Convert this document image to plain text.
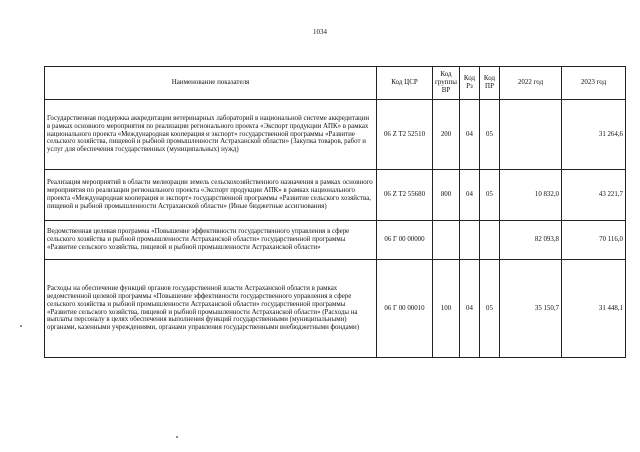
1034
Наименование показателя	Код ЦСР	Код группы ВР	Код Рз	Код ПР	2022 год	2023 год
Государственная поддержка аккредитации ветеринарных лабораторий в национальной системе аккредитации в рамках основного мероприятия по реализации регионального проекта «Экспорт продукции АПК» в рамках национального проекта «Международная кооперация и экспорт» государственной программы «Развитие сельского хозяйства, пищевой и рыбной промышленности Астраханской области» (Закупка товаров, работ и услуг для обеспечения государственных (муниципальных) нужд)	06 Z T2 52510	200	04	05		31 264,6
Реализация мероприятий в области мелиорации земель сельскохозяйственного назначения в рамках основного мероприятия по реализации регионального проекта «Экспорт продукции АПК» в рамках национального проекта «Международная кооперация и экспорт» государственной программы «Развитие сельского хозяйства, пищевой и рыбной промышленности Астраханской области» (Иные бюджетные ассигнования)	06 Z T2 55680	800	04	05	10 832,0	43 221,7
Ведомственная целевая программа «Повышение эффективности государственного управления в сфере сельского хозяйства и рыбной промышленности Астраханской области» государственной программы «Развитие сельского хозяйства, пищевой и рыбной промышленности Астраханской области»	06 Г 00 00000				82 093,8	70 116,0
Расходы на обеспечение функций органов государственной власти Астраханской области в рамках ведомственной целевой программы «Повышение эффективности государственного управления в сфере сельского хозяйства и рыбной промышленности Астраханской области» государственной программы «Развитие сельского хозяйства, пищевой и рыбной промышленности Астраханской области» (Расходы на выплаты персоналу в целях обеспечения выполнения функций государственными (муниципальными) органами, казенными учреждениями, органами управления государственными внебюджетными фондами)	06 Г 00 00010	100	04	05	35 150,7	31 448,1
